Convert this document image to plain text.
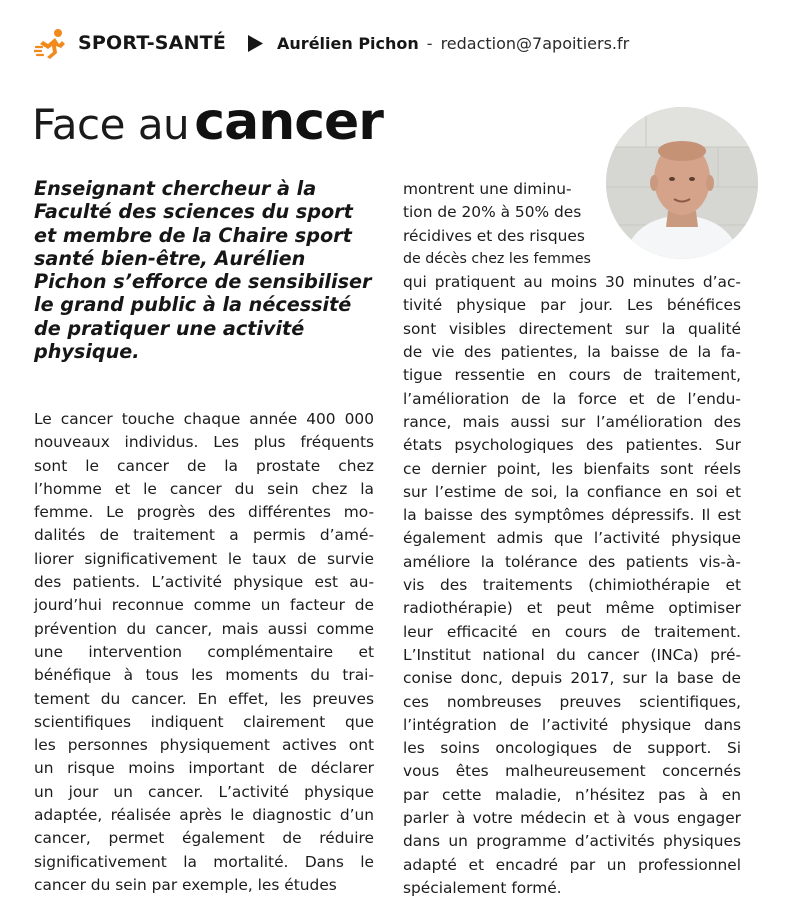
SPORT-SANTÉ	Aurélien Pichon - redaction@7apoitiers.fr
Face au cancer
Enseignant chercheur à la
Faculté des sciences du sport
et membre de la Chaire sport
santé bien-être, Aurélien
Pichon s’efforce de sensibiliser
le grand public à la nécessité
de pratiquer une activité
physique.
Le cancer touche chaque année 400 000
nouveaux individus. Les plus fréquents
sont le cancer de la prostate chez
l’homme et le cancer du sein chez la
femme. Le progrès des différentes mo-
dalités de traitement a permis d’amé-
liorer significativement le taux de survie
des patients. L’activité physique est au-
jourd’hui reconnue comme un facteur de
prévention du cancer, mais aussi comme
une intervention complémentaire et
bénéfique à tous les moments du trai-
tement du cancer. En effet, les preuves
scientifiques indiquent clairement que
les personnes physiquement actives ont
un risque moins important de déclarer
un jour un cancer. L’activité physique
adaptée, réalisée après le diagnostic d’un
cancer, permet également de réduire
significativement la mortalité. Dans le
cancer du sein par exemple, les études
montrent une diminu-
tion de 20% à 50% des
récidives et des risques
de décès chez les femmes
qui pratiquent au moins 30 minutes d’ac-
tivité physique par jour. Les bénéfices
sont visibles directement sur la qualité
de vie des patientes, la baisse de la fa-
tigue ressentie en cours de traitement,
l’amélioration de la force et de l’endu-
rance, mais aussi sur l’amélioration des
états psychologiques des patientes. Sur
ce dernier point, les bienfaits sont réels
sur l’estime de soi, la confiance en soi et
la baisse des symptômes dépressifs. Il est
également admis que l’activité physique
améliore la tolérance des patients vis-à-
vis des traitements (chimiothérapie et
radiothérapie) et peut même optimiser
leur efficacité en cours de traitement.
L’Institut national du cancer (INCa) pré-
conise donc, depuis 2017, sur la base de
ces nombreuses preuves scientifiques,
l’intégration de l’activité physique dans
les soins oncologiques de support. Si
vous êtes malheureusement concernés
par cette maladie, n’hésitez pas à en
parler à votre médecin et à vous engager
dans un programme d’activités physiques
adapté et encadré par un professionnel
spécialement formé.
